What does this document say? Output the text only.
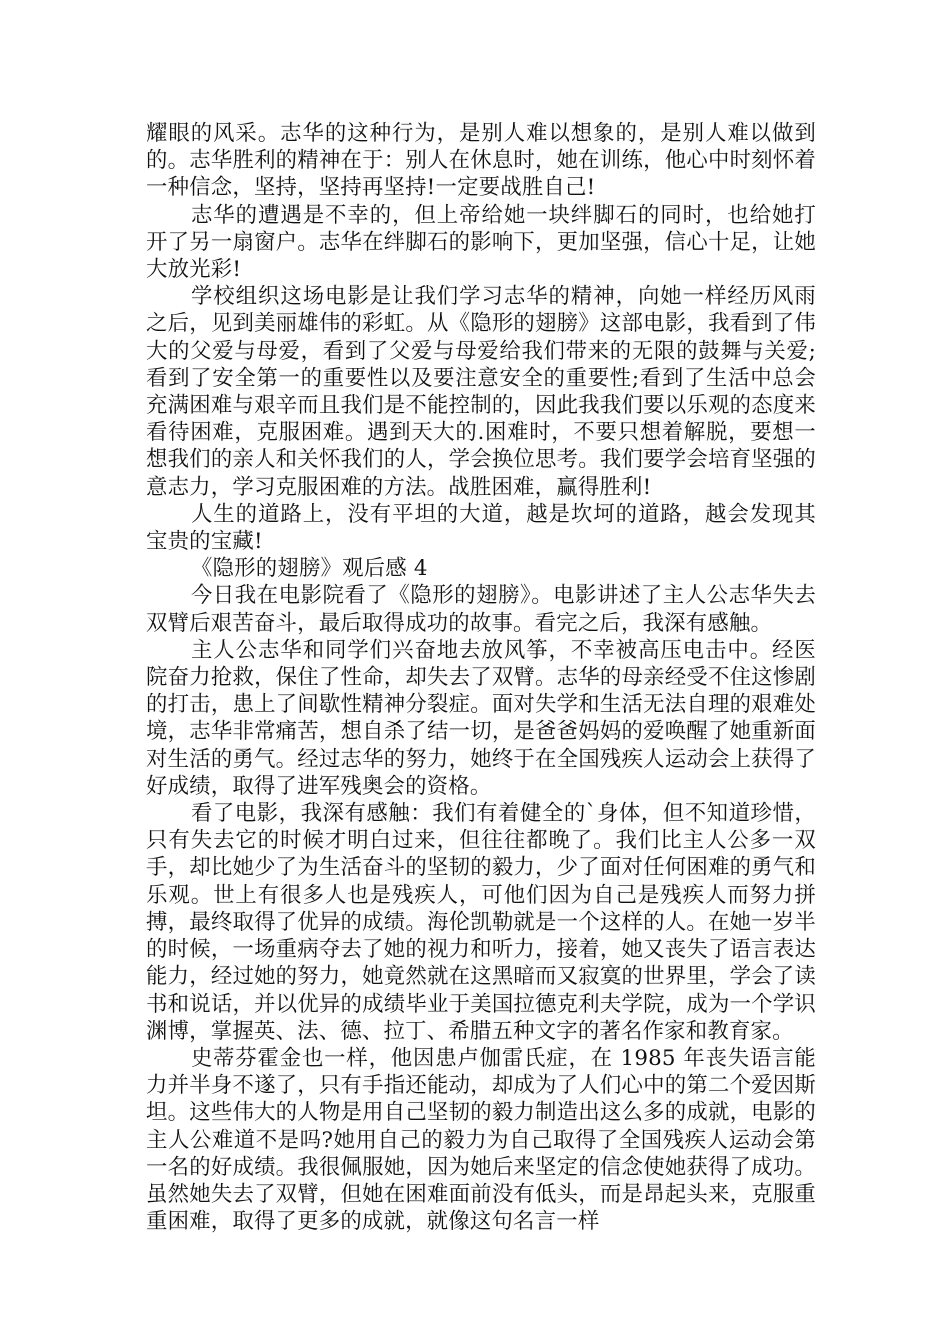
耀眼的风采。志华的这种行为，是别人难以想象的，是别人难以做到的。志华胜利的精神在于：别人在休息时，她在训练，他心中时刻怀着一种信念，坚持，坚持再坚持!一定要战胜自己!

志华的遭遇是不幸的，但上帝给她一块绊脚石的同时，也给她打开了另一扇窗户。志华在绊脚石的影响下，更加坚强，信心十足，让她大放光彩!

学校组织这场电影是让我们学习志华的精神，向她一样经历风雨之后，见到美丽雄伟的彩虹。从《隐形的翅膀》这部电影，我看到了伟大的父爱与母爱，看到了父爱与母爱给我们带来的无限的鼓舞与关爱;看到了安全第一的重要性以及要注意安全的重要性;看到了生活中总会充满困难与艰辛而且我们是不能控制的，因此我我们要以乐观的态度来看待困难，克服困难。遇到天大的.困难时，不要只想着解脱，要想一想我们的亲人和关怀我们的人，学会换位思考。我们要学会培育坚强的意志力，学习克服困难的方法。战胜困难，赢得胜利!

人生的道路上，没有平坦的大道，越是坎坷的道路，越会发现其宝贵的宝藏!

《隐形的翅膀》观后感 4

今日我在电影院看了《隐形的翅膀》。电影讲述了主人公志华失去双臂后艰苦奋斗，最后取得成功的故事。看完之后，我深有感触。

主人公志华和同学们兴奋地去放风筝，不幸被高压电击中。经医院奋力抢救，保住了性命，却失去了双臂。志华的母亲经受不住这惨剧的打击，患上了间歇性精神分裂症。面对失学和生活无法自理的艰难处境，志华非常痛苦，想自杀了结一切，是爸爸妈妈的爱唤醒了她重新面对生活的勇气。经过志华的努力，她终于在全国残疾人运动会上获得了好成绩，取得了进军残奥会的资格。

看了电影，我深有感触：我们有着健全的`身体，但不知道珍惜，只有失去它的时候才明白过来，但往往都晚了。我们比主人公多一双手，却比她少了为生活奋斗的坚韧的毅力，少了面对任何困难的勇气和乐观。世上有很多人也是残疾人，可他们因为自己是残疾人而努力拼搏，最终取得了优异的成绩。海伦凯勒就是一个这样的人。在她一岁半的时候，一场重病夺去了她的视力和听力，接着，她又丧失了语言表达能力，经过她的努力，她竟然就在这黑暗而又寂寞的世界里，学会了读书和说话，并以优异的成绩毕业于美国拉德克利夫学院，成为一个学识渊博，掌握英、法、德、拉丁、希腊五种文字的著名作家和教育家。

史蒂芬霍金也一样，他因患卢伽雷氏症，在 1985 年丧失语言能力并半身不遂了，只有手指还能动，却成为了人们心中的第二个爱因斯坦。这些伟大的人物是用自己坚韧的毅力制造出这么多的成就，电影的主人公难道不是吗?她用自己的毅力为自己取得了全国残疾人运动会第一名的好成绩。我很佩服她，因为她后来坚定的信念使她获得了成功。虽然她失去了双臂，但她在困难面前没有低头，而是昂起头来，克服重重困难，取得了更多的成就，就像这句名言一样
